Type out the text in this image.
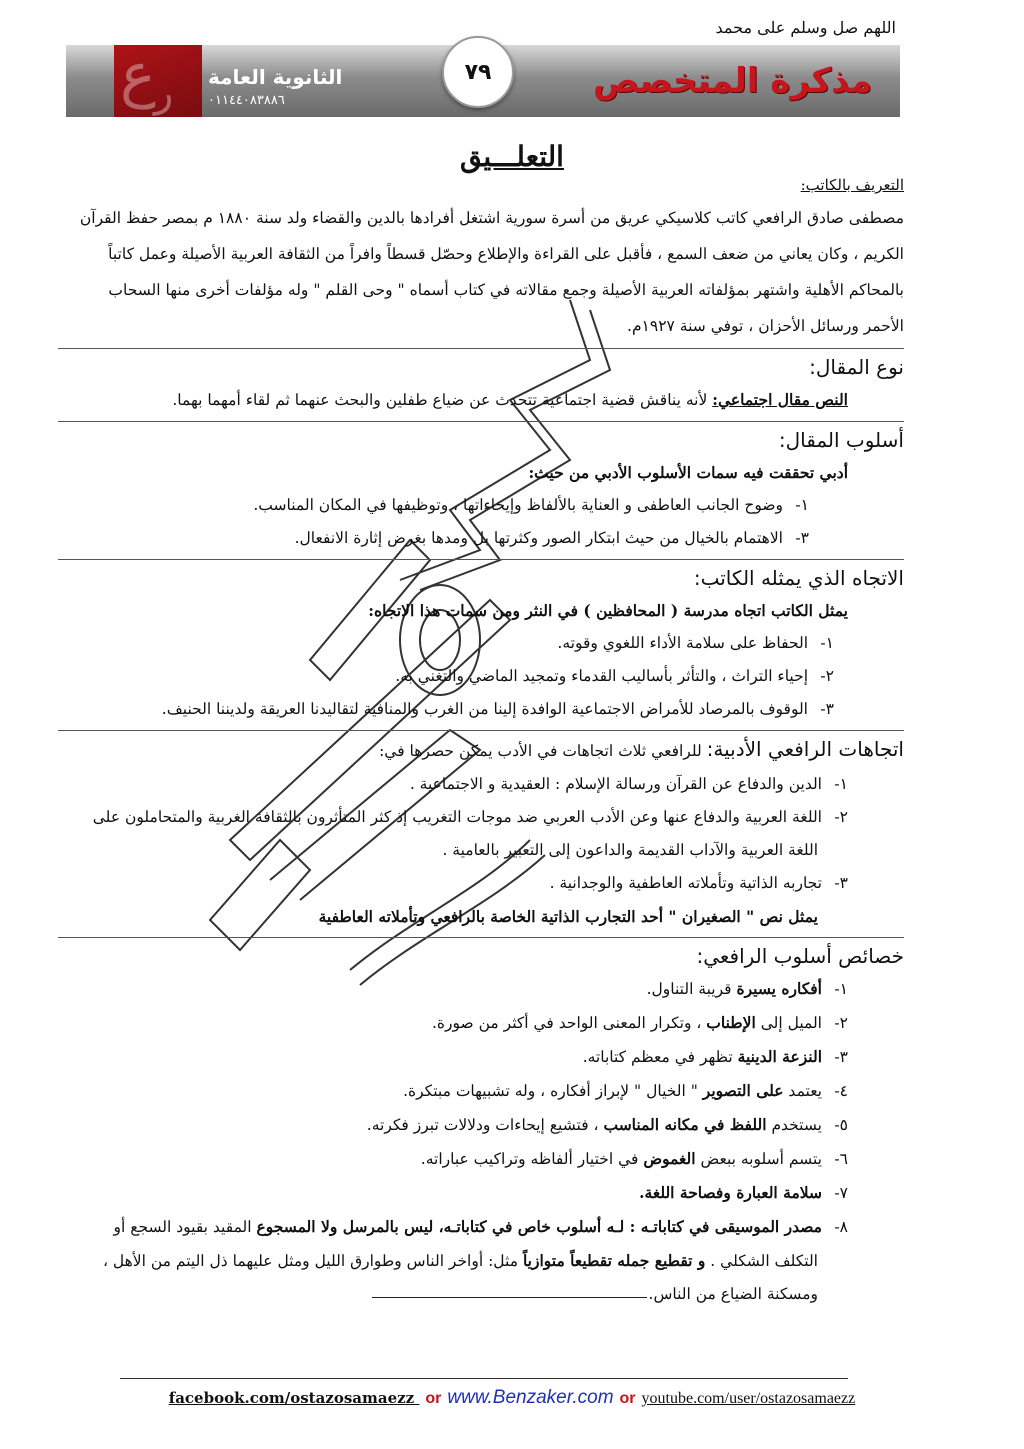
اللهم صل وسلم على محمد
ع
ر الثانوية العامة
٠١١٤٤٠٨٣٨٨٦	مذكرة المتخصص
٧٩
التعلـــيق
التعريف بالكاتب:
مصطفى صادق الرافعي كاتب كلاسيكي عريق من أسرة سورية اشتغل أفرادها بالدين والقضاء ولد سنة ١٨٨٠ م بمصر حفظ القرآن
الكريم ، وكان يعاني من ضعف السمع ، فأقبل على القراءة والإطلاع وحصّل قسطاً وافراً من الثقافة العربية الأصيلة وعمل كاتباً
بالمحاكم الأهلية واشتهر بمؤلفاته العربية الأصيلة وجمع مقالاته في كتاب أسماه " وحى القلم " وله مؤلفات أخرى منها السحاب
الأحمر ورسائل الأحزان ، توفي سنة ١٩٢٧م.
نوع المقال:
النص مقال اجتماعي: لأنه يناقش قضية اجتماعية تتحدث عن ضياع طفلين والبحث عنهما ثم لقاء أمهما بهما.
أسلوب المقال:
أدبي تحققت فيه سمات الأسلوب الأدبي من حيث:
١-وضوح الجانب العاطفى و العناية بالألفاظ وإيحاءاتها ، وتوظيفها في المكان المناسب.
٣-الاهتمام بالخيال من حيث ابتكار الصور وكثرتها بل ومدها بغرض إثارة الانفعال.
الاتجاه الذي يمثله الكاتب:
يمثل الكاتب اتجاه مدرسة ( المحافظين ) في النثر ومن سمات هذا الاتجاه:
١-الحفاظ على سلامة الأداء اللغوي وقوته.
٢-إحياء التراث ، والتأثر بأساليب القدماء وتمجيد الماضي والتغني به.
٣-الوقوف بالمرصاد للأمراض الاجتماعية الوافدة إلينا من الغرب والمنافية لتقاليدنا العريقة ولديننا الحنيف.
اتجاهات الرافعي الأدبية: للرافعي ثلاث اتجاهات في الأدب يمكن حصرها في:
١-الدين والدفاع عن القرآن ورسالة الإسلام : العقيدية و الاجتماعية .
٢-اللغة العربية والدفاع عنها وعن الأدب العربي ضد موجات التغريب إذ كثر المتأثرون بالثقافة الغربية والمتحاملون على
اللغة العربية والآداب القديمة والداعون إلى التعبير بالعامية .
٣-تجاربه الذاتية وتأملاته العاطفية والوجدانية .
يمثل نص " الصغيران " أحد التجارب الذاتية الخاصة بالرافعي وتأملاته العاطفية
خصائص أسلوب الرافعي:
١-أفكاره يسيرة قريبة التناول.
٢-الميل إلى الإطناب ، وتكرار المعنى الواحد في أكثر من صورة.
٣-النزعة الدينية تظهر في معظم كتاباته.
٤-يعتمد على التصوير " الخيال " لإبراز أفكاره ، وله تشبيهات مبتكرة.
٥-يستخدم اللفظ في مكانه المناسب ، فتشيع إيحاءات ودلالات تبرز فكرته.
٦-يتسم أسلوبه ببعض الغموض في اختيار ألفاظه وتراكيب عباراته.
٧-سلامة العبارة وفصاحة اللغة.
٨-مصدر الموسيقى في كتاباتـه : لـه أسلوب خاص في كتاباتـه، ليس بالمرسل ولا المسجوع المقيد بقيود السجع أو
التكلف الشكلي . و تقطيع جمله تقطيعاً متوازياً مثل: أواخر الناس وطوارق الليل ومثل عليهما ذل اليتم من الأهل ،
ومسكنة الضياع من الناس.
facebook.com/ostazosamaezz or www.Benzaker.com or youtube.com/user/ostazosamaezz
